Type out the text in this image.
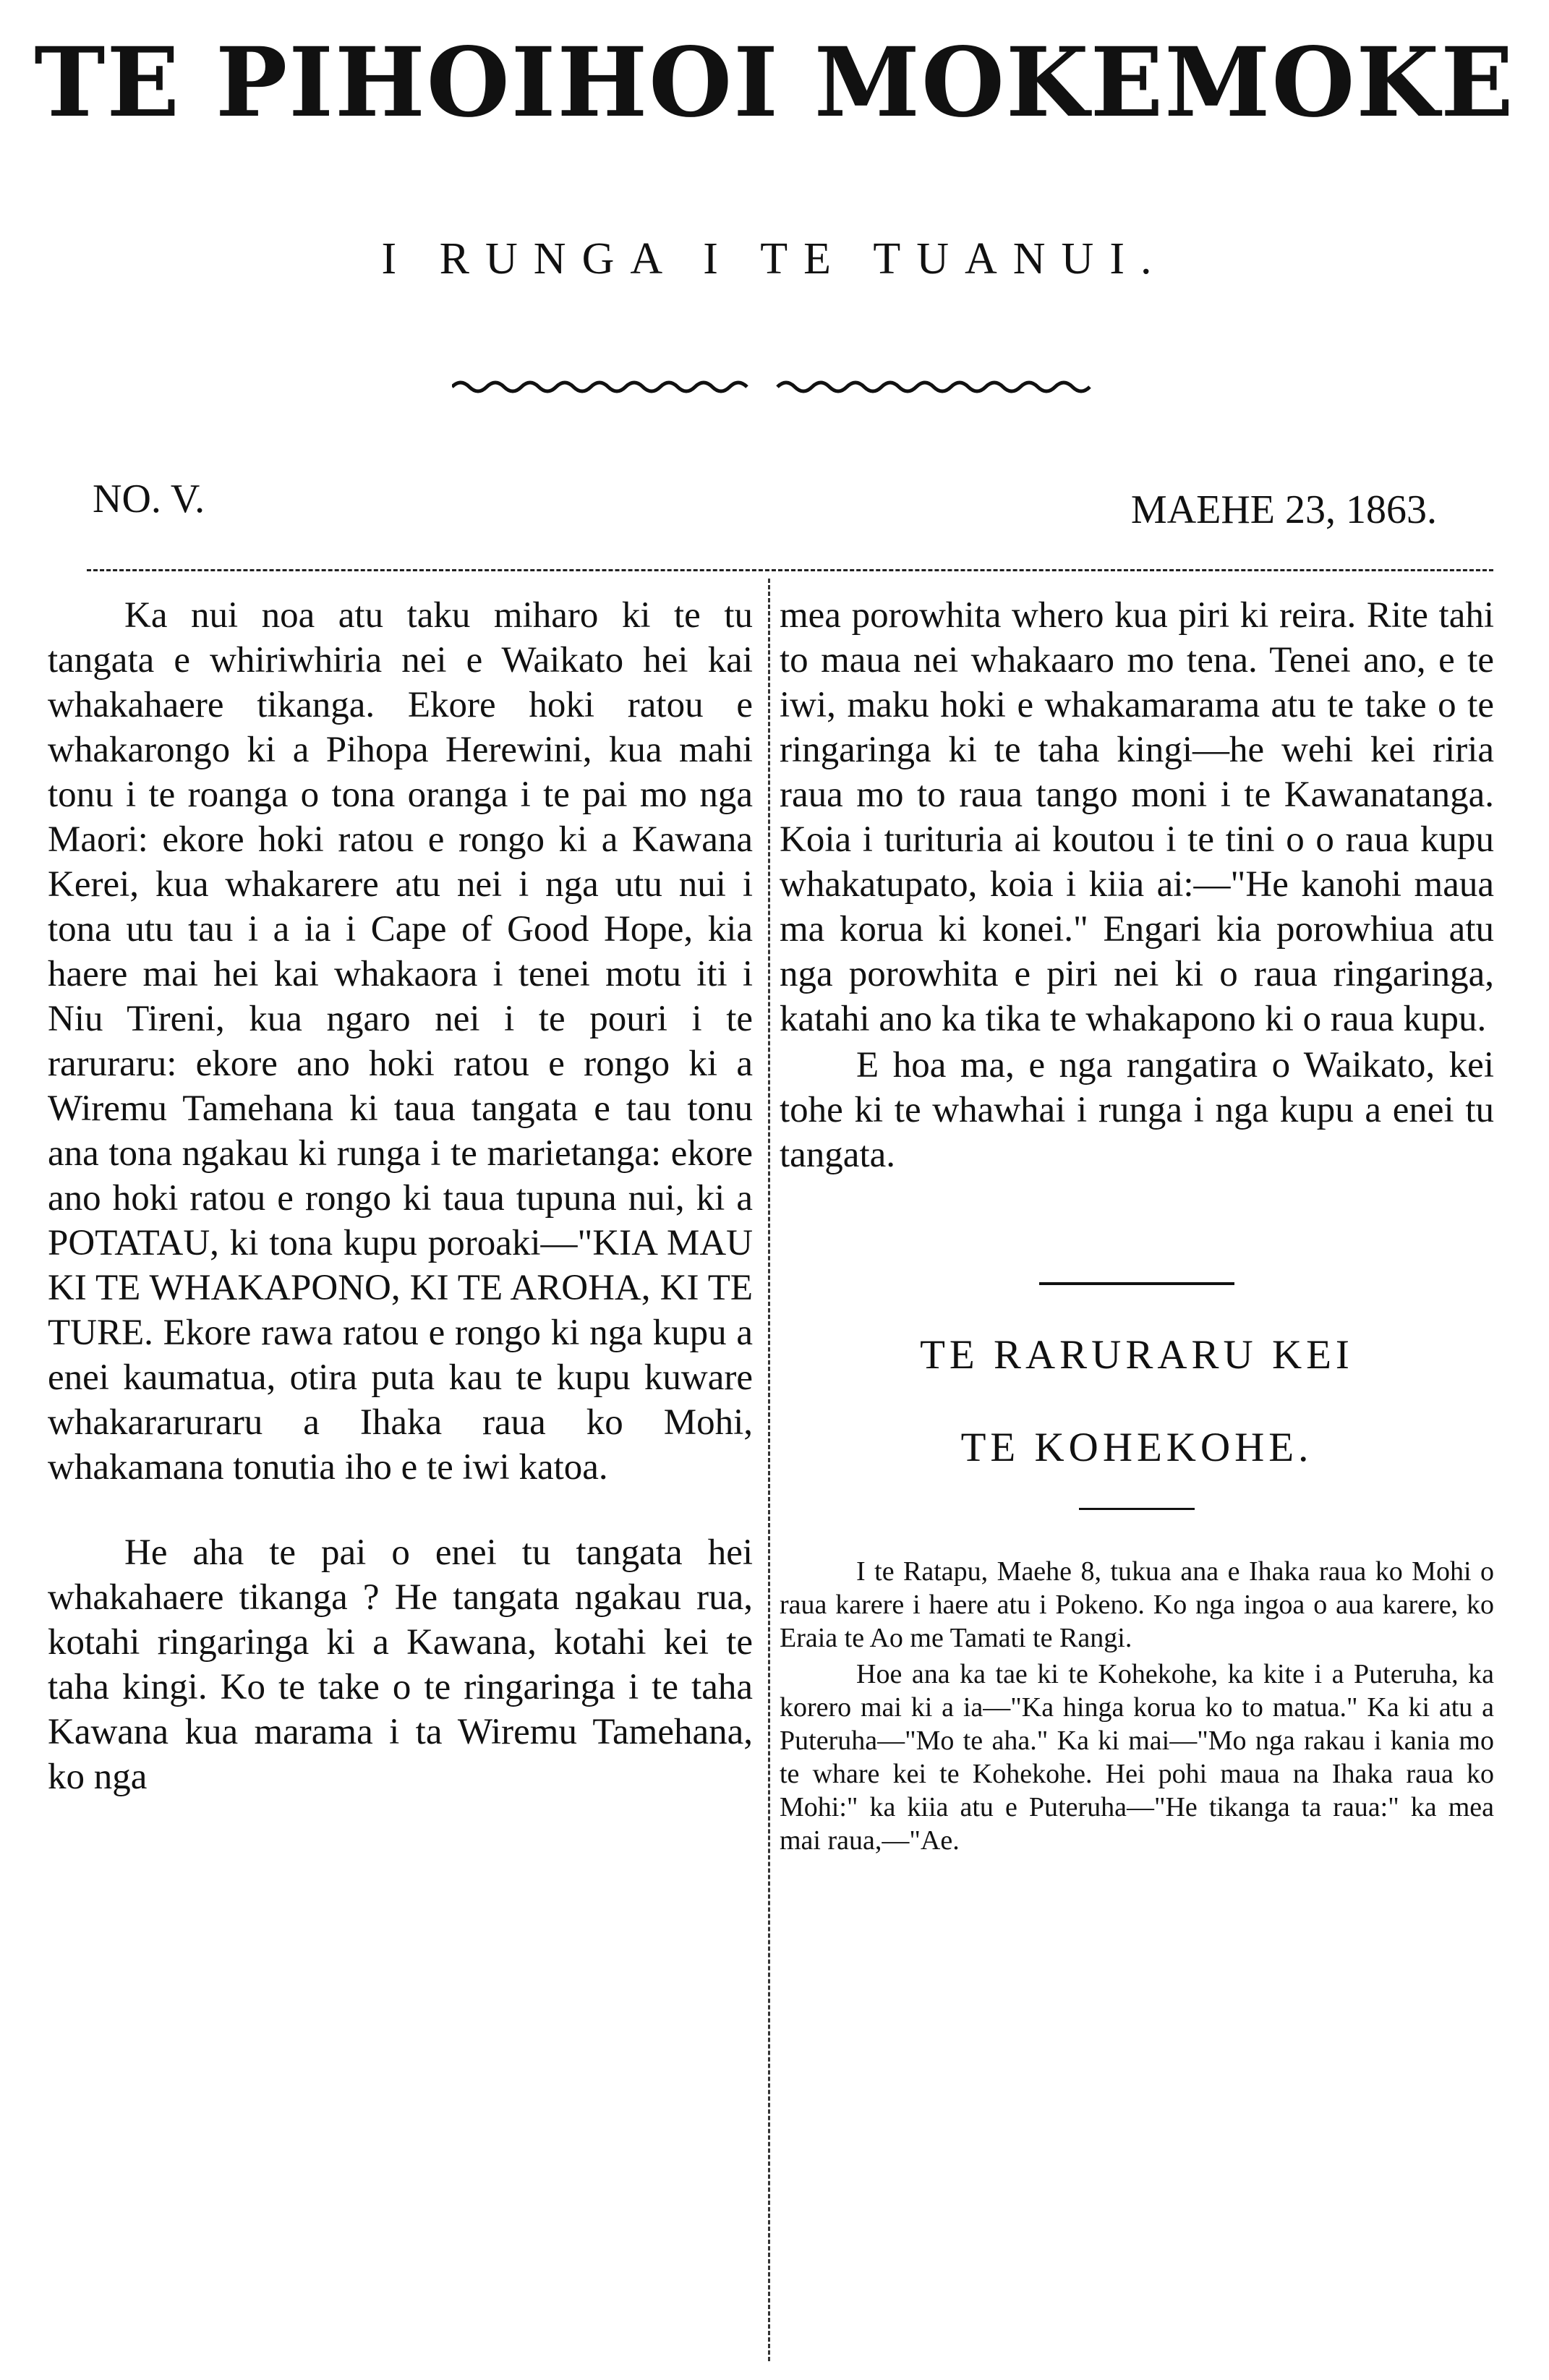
TE PIHOIHOI MOKEMOKE
I RUNGA I TE TUANUI.
NO. V.	MAEHE 23, 1863.

Ka nui noa atu taku miharo ki te tu tangata e whiriwhiria nei e Waikato hei kai whakahaere tikanga. Ekore hoki ratou e whakarongo ki a Pihopa Herewini, kua mahi tonu i te roanga o tona oranga i te pai mo nga Maori: ekore hoki ratou e rongo ki a Kawana Kerei, kua whakarere atu nei i nga utu nui i tona utu tau i a ia i Cape of Good Hope, kia haere mai hei kai whakaora i tenei motu iti i Niu Tireni, kua ngaro nei i te pouri i te raruraru: ekore ano hoki ratou e rongo ki a Wiremu Tamehana ki taua tangata e tau tonu ana tona ngakau ki runga i te marietanga: ekore ano hoki ratou e rongo ki taua tupuna nui, ki a POTATAU, ki tona kupu poroaki—"KIA MAU KI TE WHAKAPONO, KI TE AROHA, KI TE TURE. Ekore rawa ratou e rongo ki nga kupu a enei kaumatua, otira puta kau te kupu kuware whakararuraru a Ihaka raua ko Mohi, whakamana tonutia iho e te iwi katoa.

He aha te pai o enei tu tangata hei whakahaere tikanga ? He tangata ngakau rua, kotahi ringaringa ki a Kawana, kotahi kei te taha kingi. Ko te take o te ringaringa i te taha Kawana kua marama i ta Wiremu Tamehana, ko nga

mea porowhita whero kua piri ki reira. Rite tahi to maua nei whakaaro mo tena. Tenei ano, e te iwi, maku hoki e whakamarama atu te take o te ringaringa ki te taha kingi—he wehi kei riria raua mo to raua tango moni i te Kawanatanga. Koia i turituria ai koutou i te tini o o raua kupu whakatupato, koia i kiia ai:—"He kanohi maua ma korua ki konei." Engari kia porowhiua atu nga porowhita e piri nei ki o raua ringaringa, katahi ano ka tika te whakapono ki o raua kupu.

E hoa ma, e nga rangatira o Waikato, kei tohe ki te whawhai i runga i nga kupu a enei tu tangata.

TE RARURARU KEI

TE KOHEKOHE.

I te Ratapu, Maehe 8, tukua ana e Ihaka raua ko Mohi o raua karere i haere atu i Pokeno. Ko nga ingoa o aua karere, ko Eraia te Ao me Tamati te Rangi.

Hoe ana ka tae ki te Kohekohe, ka kite i a Puteruha, ka korero mai ki a ia—"Ka hinga korua ko to matua." Ka ki atu a Puteruha—"Mo te aha." Ka ki mai—"Mo nga rakau i kania mo te whare kei te Kohekohe. Hei pohi maua na Ihaka raua ko Mohi:" ka kiia atu e Puteruha—"He tikanga ta raua:" ka mea mai raua,—"Ae.
